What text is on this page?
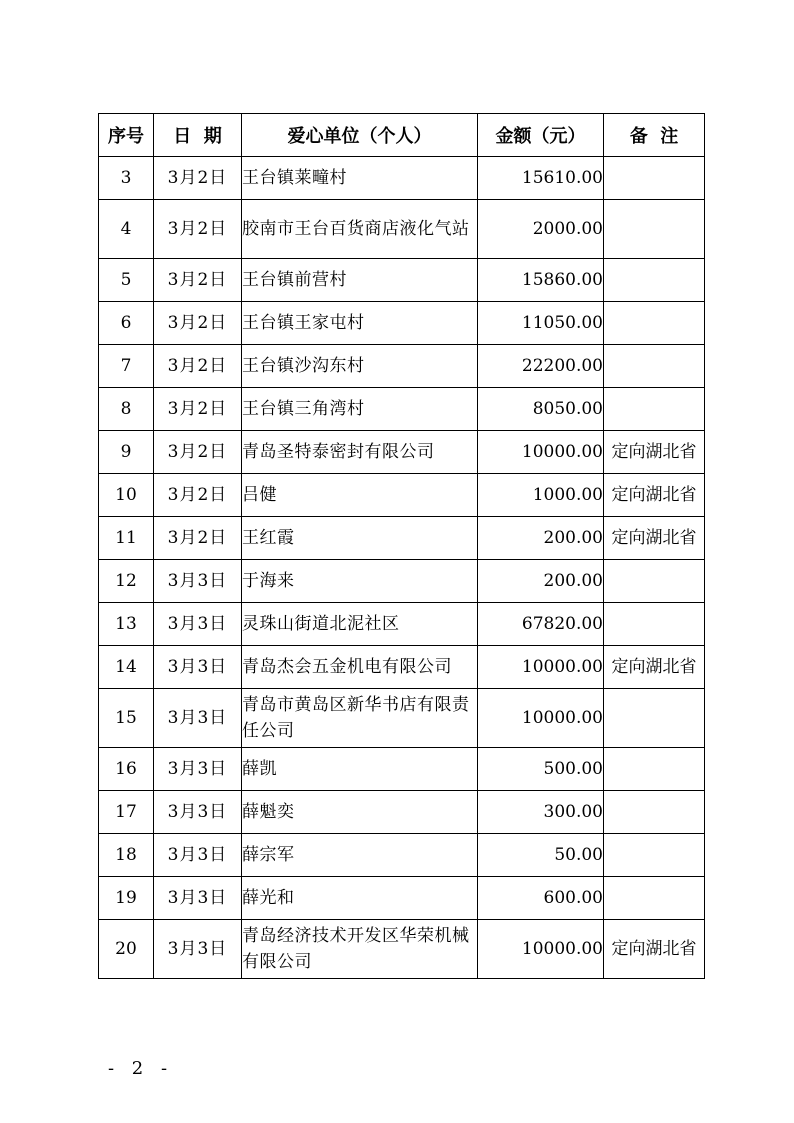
序号	日  期	爱心单位（个人）	金额（元）	备  注
3	3月2日	王台镇莱疃村	15610.00	
4	3月2日	胶南市王台百货商店液化气站	2000.00	
5	3月2日	王台镇前营村	15860.00	
6	3月2日	王台镇王家屯村	11050.00	
7	3月2日	王台镇沙沟东村	22200.00	
8	3月2日	王台镇三角湾村	8050.00	
9	3月2日	青岛圣特泰密封有限公司	10000.00	定向湖北省
10	3月2日	吕健	1000.00	定向湖北省
11	3月2日	王红霞	200.00	定向湖北省
12	3月3日	于海来	200.00	
13	3月3日	灵珠山街道北泥社区	67820.00	
14	3月3日	青岛杰会五金机电有限公司	10000.00	定向湖北省
15	3月3日	青岛市黄岛区新华书店有限责任公司	10000.00	
16	3月3日	薛凯	500.00	
17	3月3日	薛魁奕	300.00	
18	3月3日	薛宗军	50.00	
19	3月3日	薛光和	600.00	
20	3月3日	青岛经济技术开发区华荣机械有限公司	10000.00	定向湖北省
- 2 -
